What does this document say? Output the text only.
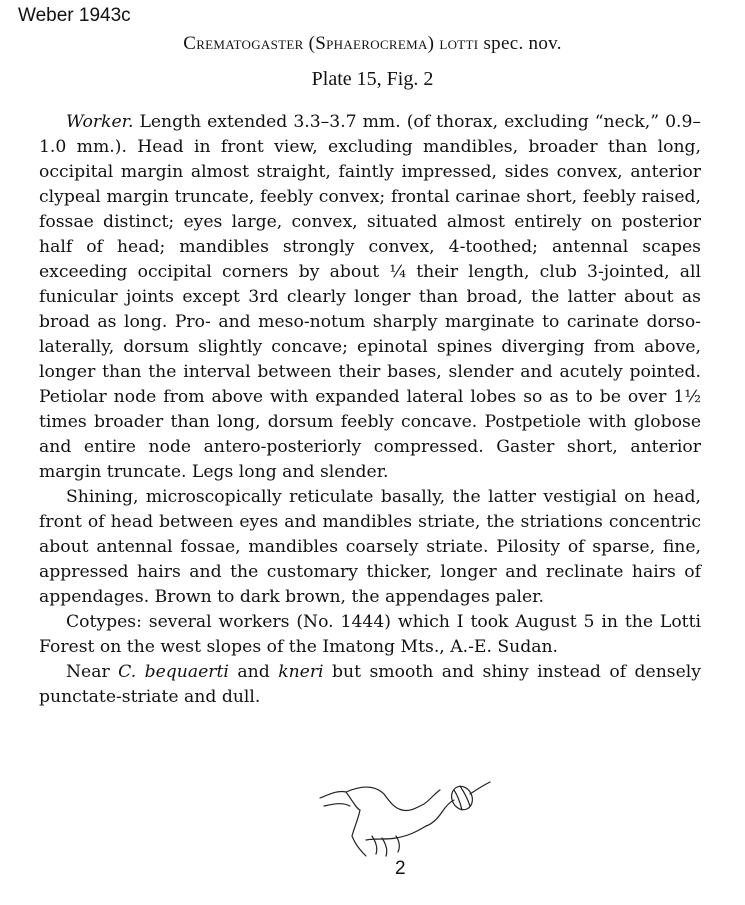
Weber 1943c
Crematogaster (Sphaerocrema) lotti spec. nov.
Plate 15, Fig. 2

Worker. Length extended 3.3–3.7 mm. (of thorax, excluding “neck,” 0.9–1.0 mm.). Head in front view, excluding mandibles, broader than long, occipital margin almost straight, faintly impressed, sides convex, anterior clypeal margin truncate, feebly convex; frontal carinae short, feebly raised, fossae distinct; eyes large, convex, situated almost entirely on posterior half of head; mandibles strongly convex, 4-toothed; antennal scapes exceeding occipital corners by about ¼ their length, club 3-jointed, all funicular joints except 3rd clearly longer than broad, the latter about as broad as long. Pro- and meso-notum sharply marginate to carinate dorso-laterally, dorsum slightly concave; epinotal spines diverging from above, longer than the interval between their bases, slender and acutely pointed. Petiolar node from above with expanded lateral lobes so as to be over 1½ times broader than long, dorsum feebly concave. Postpetiole with globose and entire node antero-posteriorly compressed. Gaster short, anterior margin truncate. Legs long and slender.

Shining, microscopically reticulate basally, the latter vestigial on head, front of head between eyes and mandibles striate, the striations concentric about antennal fossae, mandibles coarsely striate. Pilosity of sparse, fine, appressed hairs and the customary thicker, longer and reclinate hairs of appendages. Brown to dark brown, the appendages paler.

Cotypes: several workers (No. 1444) which I took August 5 in the Lotti Forest on the west slopes of the Imatong Mts., A.-E. Sudan.

Near C. bequaerti and kneri but smooth and shiny instead of densely punctate-striate and dull.

2
